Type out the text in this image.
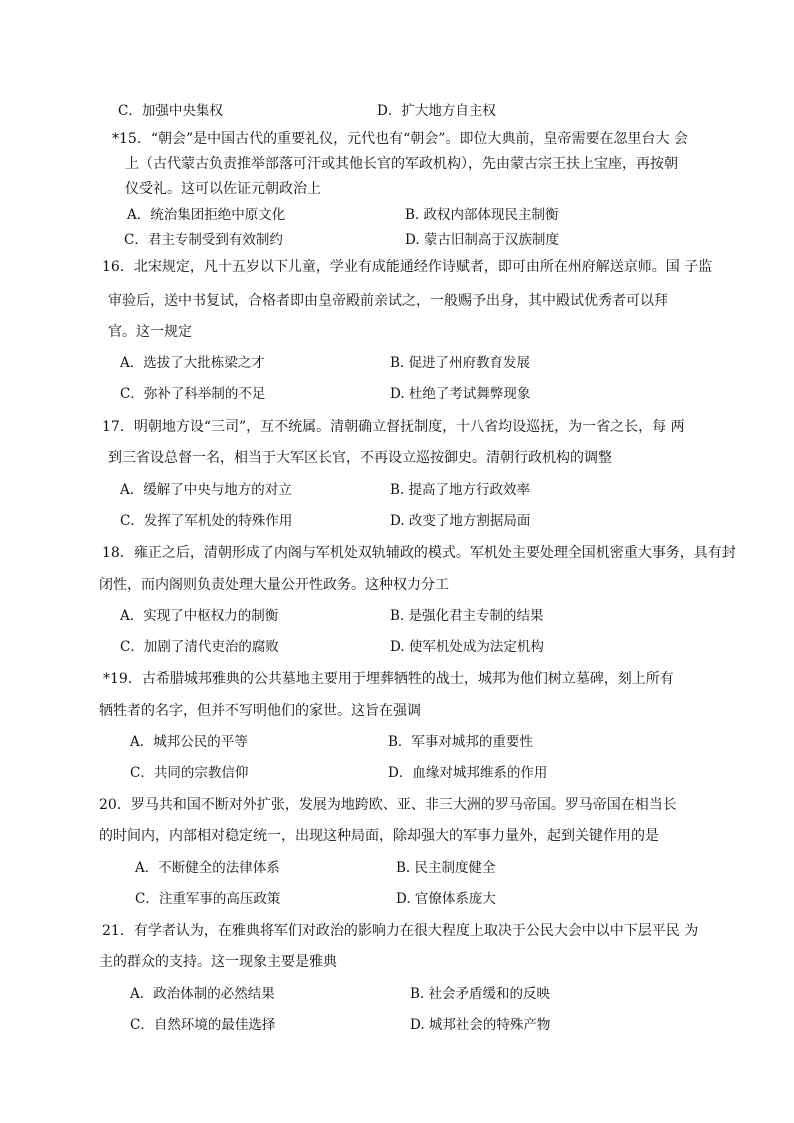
C．加强中央集权	D．扩大地方自主权
*15．“朝会”是中国古代的重要礼仪，元代也有“朝会”。即位大典前，皇帝需要在忽里台大 会
上（古代蒙古负责推举部落可汗或其他长官的军政机构），先由蒙古宗王扶上宝座，再按朝
仪受礼。这可以佐证元朝政治上
A．统治集团拒绝中原文化	B. 政权内部体现民主制衡
C．君主专制受到有效制约	D. 蒙古旧制高于汉族制度
16．北宋规定，凡十五岁以下儿童，学业有成能通经作诗赋者，即可由所在州府解送京师。国 子监
审验后，送中书复试，合格者即由皇帝殿前亲试之，一般赐予出身，其中殿试优秀者可以拜
官。这一规定
A．选拔了大批栋梁之才	B. 促进了州府教育发展
C．弥补了科举制的不足	D. 杜绝了考试舞弊现象
17．明朝地方设“三司”，互不统属。清朝确立督抚制度，十八省均设巡抚，为一省之长，每 两
到三省设总督一名，相当于大军区长官，不再设立巡按御史。清朝行政机构的调整
A．缓解了中央与地方的对立	B. 提高了地方行政效率
C．发挥了军机处的特殊作用	D. 改变了地方割据局面
18．雍正之后，清朝形成了内阁与军机处双轨辅政的模式。军机处主要处理全国机密重大事务，具有封
闭性，而内阁则负责处理大量公开性政务。这种权力分工
A．实现了中枢权力的制衡	B. 是强化君主专制的结果
C．加剧了清代吏治的腐败	D. 使军机处成为法定机构
*19．古希腊城邦雅典的公共墓地主要用于埋葬牺牲的战士，城邦为他们树立墓碑，刻上所有
牺牲者的名字，但并不写明他们的家世。这旨在强调
A．城邦公民的平等	B．军事对城邦的重要性
C．共同的宗教信仰	D．血缘对城邦维系的作用
20．罗马共和国不断对外扩张，发展为地跨欧、亚、非三大洲的罗马帝国。罗马帝国在相当长
的时间内，内部相对稳定统一，出现这种局面，除却强大的军事力量外，起到关键作用的是
A．不断健全的法律体系	B. 民主制度健全
C．注重军事的高压政策	D. 官僚体系庞大
21．有学者认为，在雅典将军们对政治的影响力在很大程度上取决于公民大会中以中下层平民 为
主的群众的支持。这一现象主要是雅典
A．政治体制的必然结果	B. 社会矛盾缓和的反映
C．自然环境的最佳选择	D. 城邦社会的特殊产物
